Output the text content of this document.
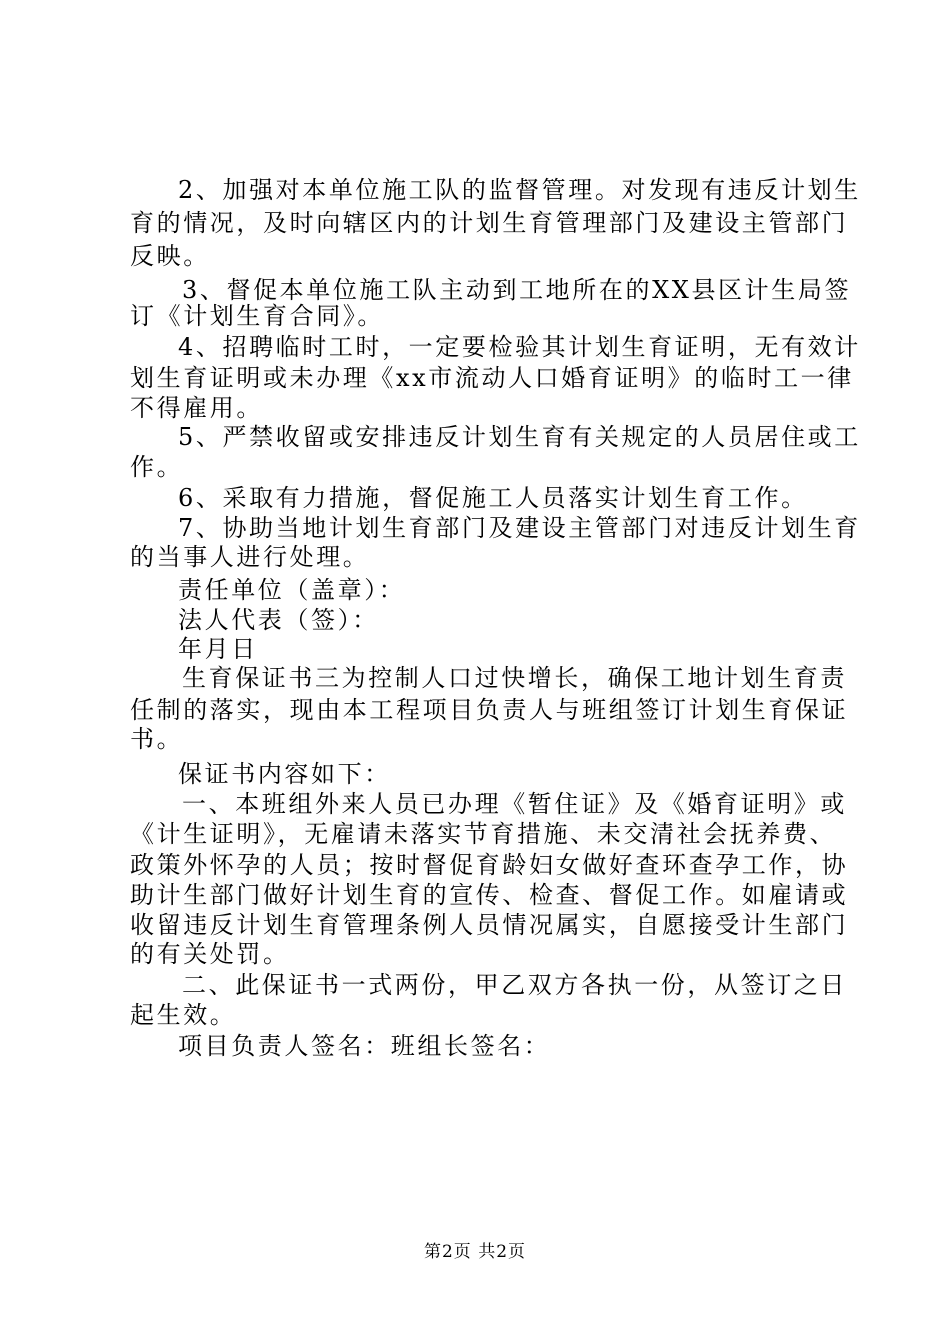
2、加强对本单位施工队的监督管理。对发现有违反计划生
育的情况，及时向辖区内的计划生育管理部门及建设主管部门
反映。
3、督促本单位施工队主动到工地所在的XX县区计生局签
订《计划生育合同》。
4、招聘临时工时，一定要检验其计划生育证明，无有效计
划生育证明或未办理《xx市流动人口婚育证明》的临时工一律
不得雇用。
5、严禁收留或安排违反计划生育有关规定的人员居住或工
作。
6、采取有力措施，督促施工人员落实计划生育工作。
7、协助当地计划生育部门及建设主管部门对违反计划生育
的当事人进行处理。
责任单位（盖章）：
法人代表（签）：
年月日
生育保证书三为控制人口过快增长，确保工地计划生育责
任制的落实，现由本工程项目负责人与班组签订计划生育保证
书。
保证书内容如下：
一、本班组外来人员已办理《暂住证》及《婚育证明》或
《计生证明》，无雇请未落实节育措施、未交清社会抚养费、
政策外怀孕的人员；按时督促育龄妇女做好查环查孕工作，协
助计生部门做好计划生育的宣传、检查、督促工作。如雇请或
收留违反计划生育管理条例人员情况属实，自愿接受计生部门
的有关处罚。
二、此保证书一式两份，甲乙双方各执一份，从签订之日
起生效。
项目负责人签名：班组长签名：
第2页 共2页
